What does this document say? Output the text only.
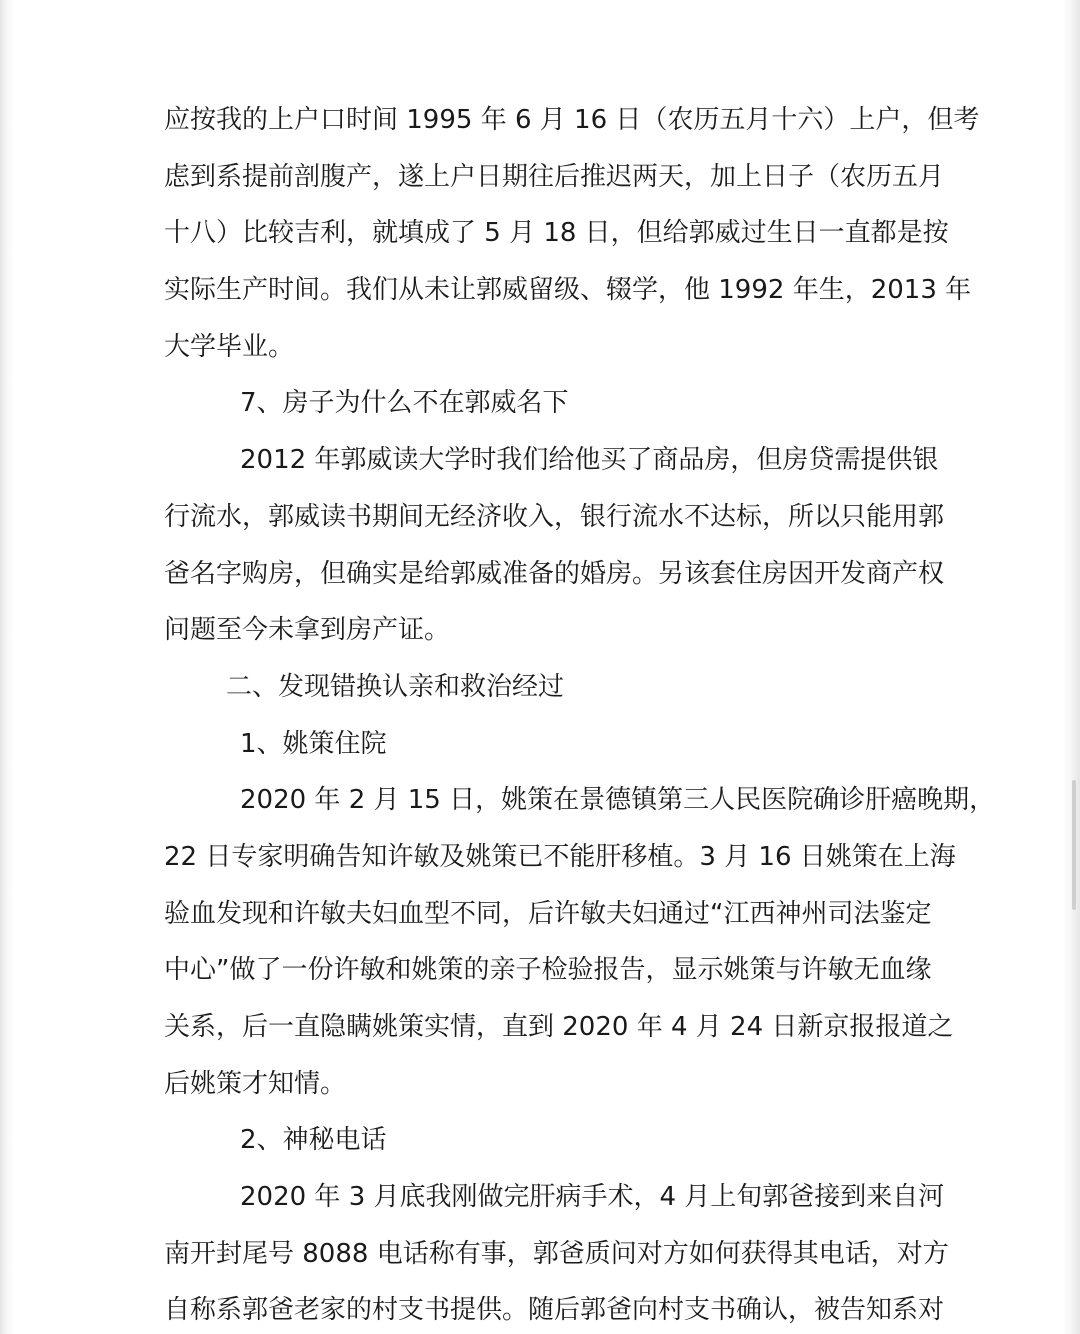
应按我的上户口时间 1995 年 6 月 16 日（农历五月十六）上户，但考
虑到系提前剖腹产，遂上户日期往后推迟两天，加上日子（农历五月
十八）比较吉利，就填成了 5 月 18 日，但给郭威过生日一直都是按
实际生产时间。我们从未让郭威留级、辍学，他 1992 年生，2013 年
大学毕业。
7、房子为什么不在郭威名下
2012 年郭威读大学时我们给他买了商品房，但房贷需提供银
行流水，郭威读书期间无经济收入，银行流水不达标，所以只能用郭
爸名字购房，但确实是给郭威准备的婚房。另该套住房因开发商产权
问题至今未拿到房产证。
二、发现错换认亲和救治经过
1、姚策住院
2020 年 2 月 15 日，姚策在景德镇第三人民医院确诊肝癌晚期，
22 日专家明确告知许敏及姚策已不能肝移植。3 月 16 日姚策在上海
验血发现和许敏夫妇血型不同，后许敏夫妇通过“江西神州司法鉴定
中心”做了一份许敏和姚策的亲子检验报告，显示姚策与许敏无血缘
关系，后一直隐瞒姚策实情，直到 2020 年 4 月 24 日新京报报道之
后姚策才知情。
2、神秘电话
2020 年 3 月底我刚做完肝病手术，4 月上旬郭爸接到来自河
南开封尾号 8088 电话称有事，郭爸质问对方如何获得其电话，对方
自称系郭爸老家的村支书提供。随后郭爸向村支书确认，被告知系对
